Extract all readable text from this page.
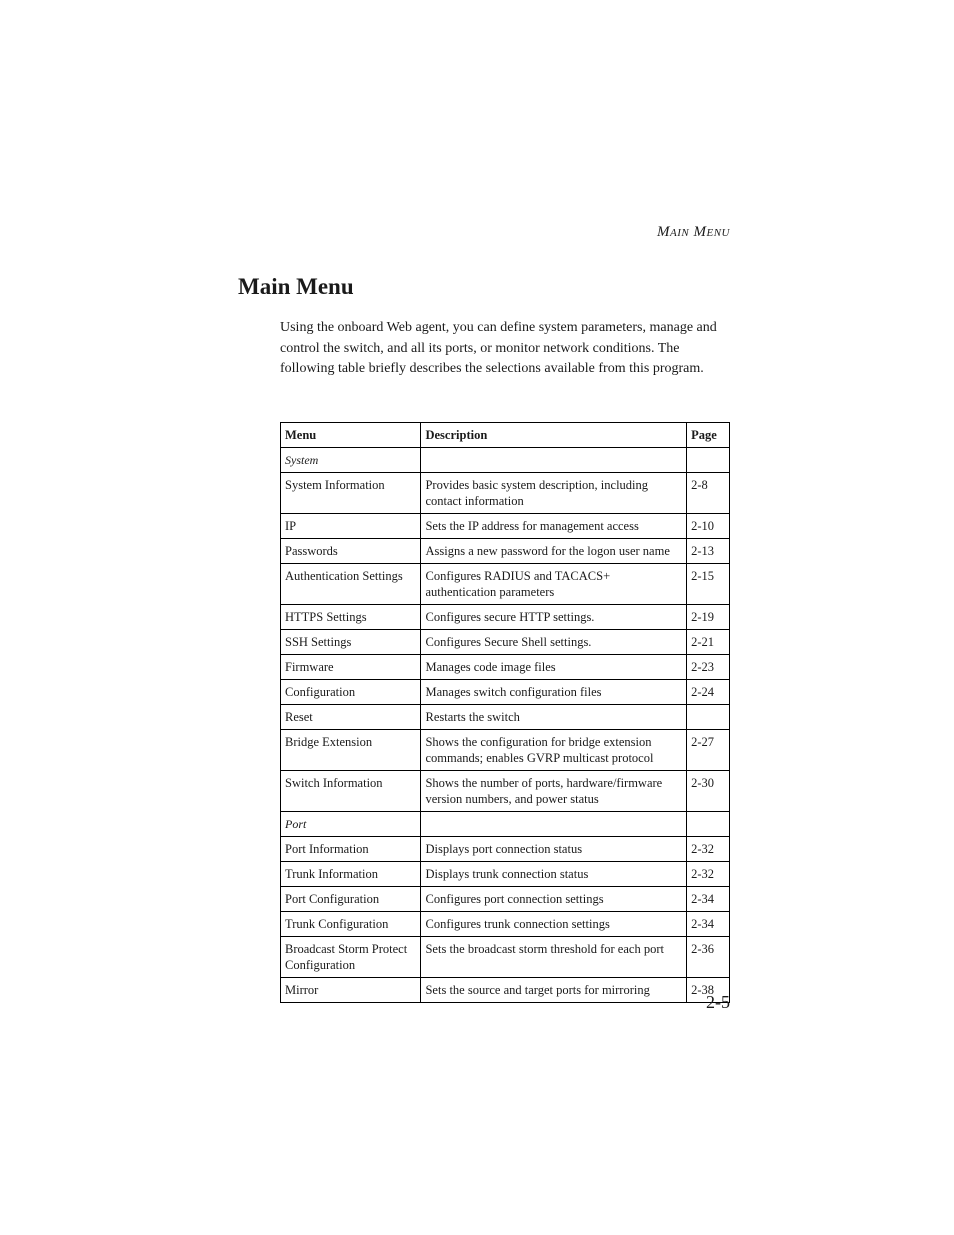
MAIN MENU
Main Menu

Using the onboard Web agent, you can define system parameters, manage and control the switch, and all its ports, or monitor network conditions. The following table briefly describes the selections available from this program.

Menu	Description	Page
System		
System Information	Provides basic system description, including contact information	2-8
IP	Sets the IP address for management access	2-10
Passwords	Assigns a new password for the logon user name	2-13
Authentication Settings	Configures RADIUS and TACACS+ authentication parameters	2-15
HTTPS Settings	Configures secure HTTP settings.	2-19
SSH Settings	Configures Secure Shell settings.	2-21
Firmware	Manages code image files	2-23
Configuration	Manages switch configuration files	2-24
Reset	Restarts the switch	
Bridge Extension	Shows the configuration for bridge extension commands; enables GVRP multicast protocol	2-27
Switch Information	Shows the number of ports, hardware/firmware version numbers, and power status	2-30
Port		
Port Information	Displays port connection status	2-32
Trunk Information	Displays trunk connection status	2-32
Port Configuration	Configures port connection settings	2-34
Trunk Configuration	Configures trunk connection settings	2-34
Broadcast Storm Protect Configuration	Sets the broadcast storm threshold for each port	2-36
Mirror	Sets the source and target ports for mirroring	2-38
2-5
